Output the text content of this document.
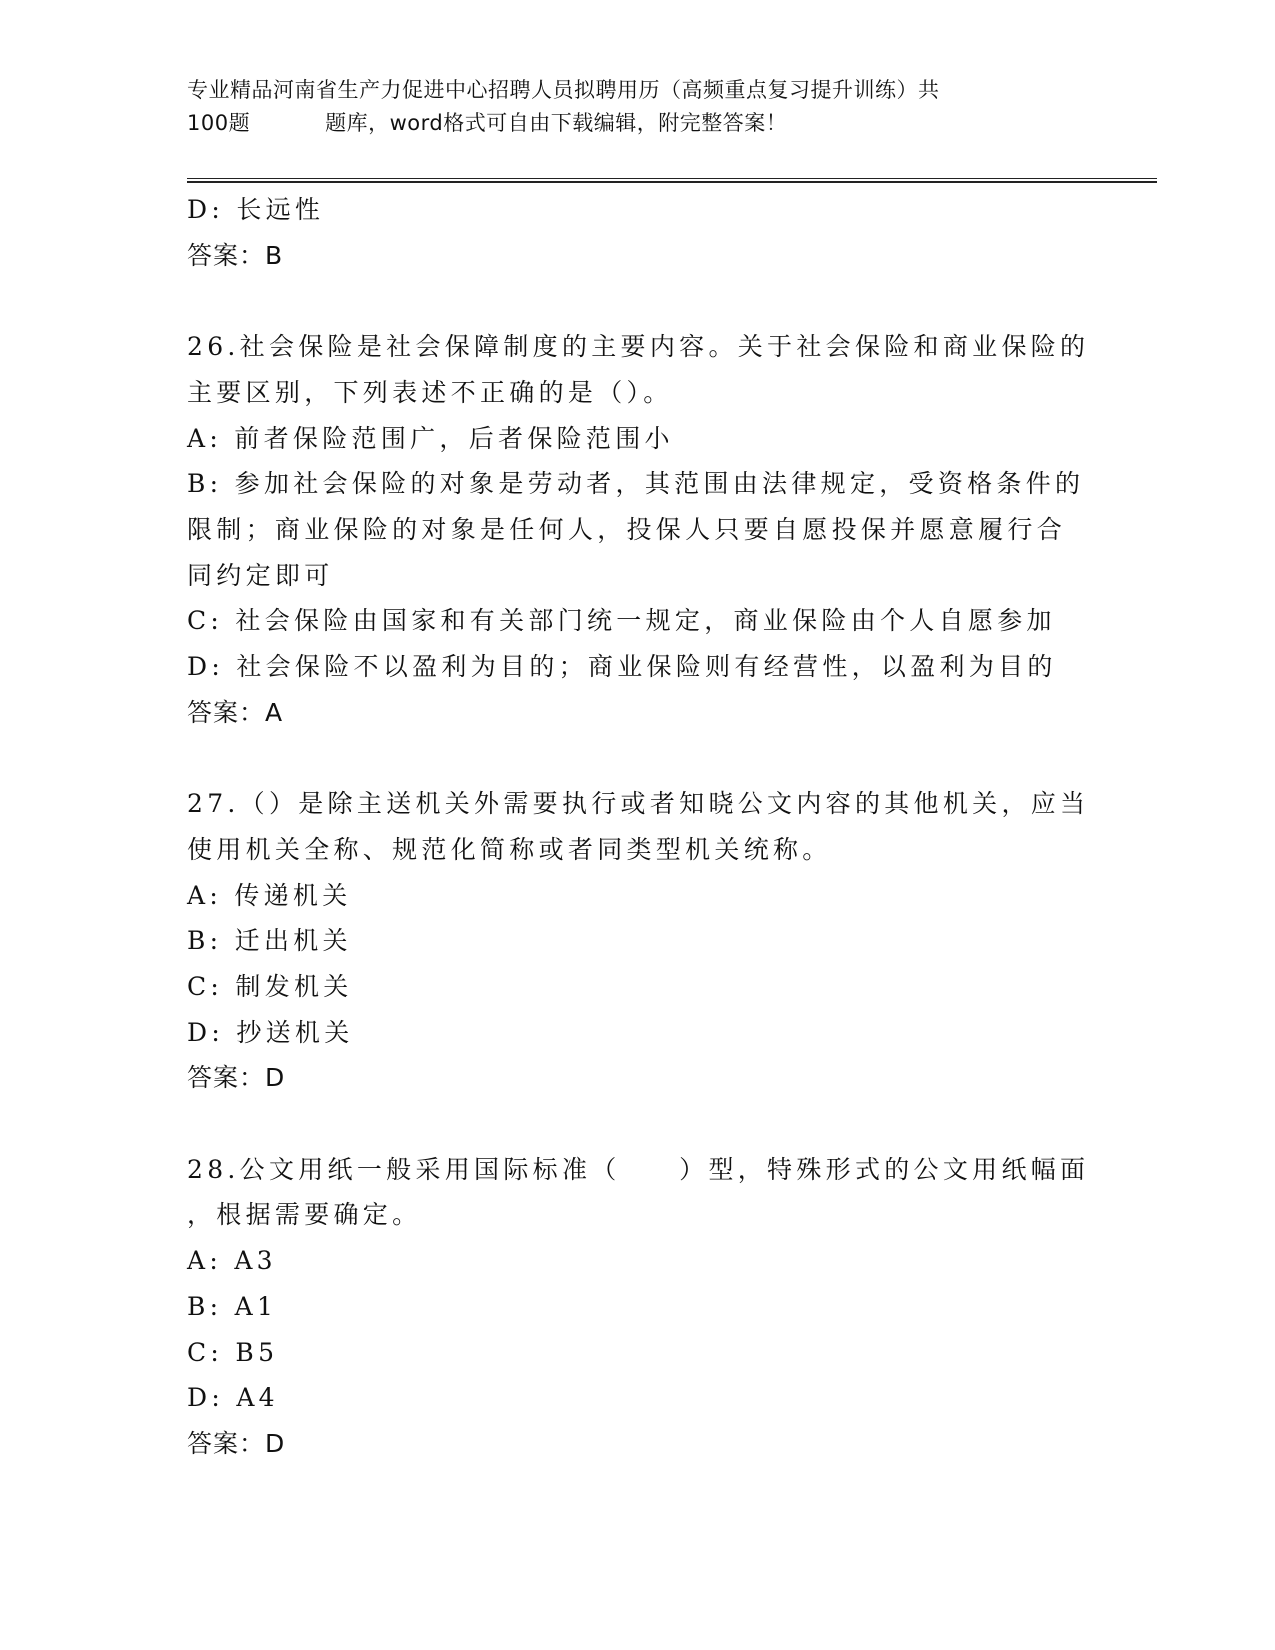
专业精品河南省生产力促进中心招聘人员拟聘用历（高频重点复习提升训练）共
100题	题库，word格式可自由下载编辑，附完整答案！
D: 长远性
答案：B
26.社会保险是社会保障制度的主要内容。关于社会保险和商业保险的
主要区别，下列表述不正确的是（）。
A: 前者保险范围广，后者保险范围小
B: 参加社会保险的对象是劳动者，其范围由法律规定，受资格条件的
限制；商业保险的对象是任何人，投保人只要自愿投保并愿意履行合
同约定即可
C: 社会保险由国家和有关部门统一规定，商业保险由个人自愿参加
D: 社会保险不以盈利为目的；商业保险则有经营性，以盈利为目的
答案：A
27.（）是除主送机关外需要执行或者知晓公文内容的其他机关，应当
使用机关全称、规范化简称或者同类型机关统称。
A: 传递机关
B: 迁出机关
C: 制发机关
D: 抄送机关
答案：D
28.公文用纸一般采用国际标准（　　）型，特殊形式的公文用纸幅面
，根据需要确定。
A: A3
B: A1
C: B5
D: A4
答案：D
